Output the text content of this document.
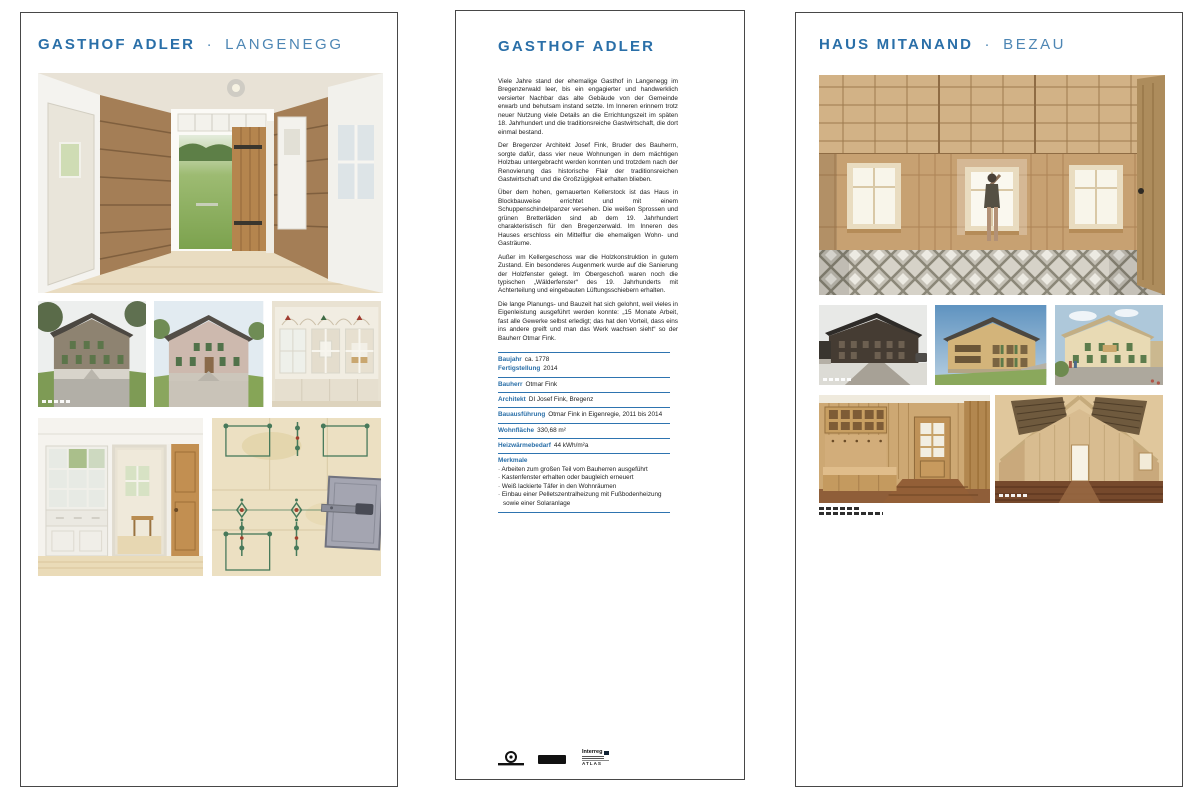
GASTHOF ADLER · LANGENEGG	GASTHOF ADLER

Viele Jahre stand der ehemalige Gasthof in Langenegg im Bregenzerwald leer, bis ein engagierter und handwerklich versierter Nachbar das alte Gebäude von der Gemeinde erwarb und behutsam instand setzte. Im Inneren erinnern trotz neuer Nutzung viele Details an die Errichtungszeit im späten 18. Jahrhundert und die traditionsreiche Gastwirtschaft, die dort einmal bestand.

Der Bregenzer Architekt Josef Fink, Bruder des Bauherrn, sorgte dafür, dass vier neue Wohnungen in dem mächtigen Holzbau untergebracht werden konnten und trotzdem nach der Renovierung das historische Flair der traditionsreichen Gastwirtschaft und die Großzügigkeit erhalten blieben.

Über dem hohen, gemauerten Kellerstock ist das Haus in Blockbauweise errichtet und mit einem Schuppenschindelpanzer versehen. Die weißen Sprossen und grünen Bretterläden sind ab dem 19. Jahrhundert charakteristisch für den Bregenzerwald. Im Inneren des Hauses erschloss ein Mittelflur die ehemaligen Wohn- und Gasträume.

Außer im Kellergeschoss war die Holzkonstruktion in gutem Zustand. Ein besonderes Augenmerk wurde auf die Sanierung der Holzfenster gelegt. Im Obergeschoß waren noch die typischen „Wälderfenster“ des 19. Jahrhunderts mit Achterteilung und eingebauten Lüftungsschiebern erhalten.

Die lange Planungs- und Bauzeit hat sich gelohnt, weil vieles in Eigenleistung ausgeführt werden konnte: „15 Monate Arbeit, fast alle Gewerke selbst erledigt; das hat den Vorteil, dass eins ins andere greift und man das Werk wachsen sieht“ so der Bauherr Otmar Fink.

Baujahr ca. 1778
Fertigstellung 2014
Bauherr Otmar Fink
Architekt DI Josef Fink, Bregenz
Bauausführung Otmar Fink in Eigenregie, 2011 bis 2014
Wohnfläche 330,68 m²
Heizwärmebedarf 44 kWh/m²a
Merkmale
· Arbeiten zum großen Teil vom Bauherren ausgeführt
· Kastenfenster erhalten oder baugleich erneuert
· Weiß lackierte Täfer in den Wohnräumen
· Einbau einer Pelletszentralheizung mit Fußbodenheizung sowie einer Solaranlage
Interreg
ATLAS
HAUS MITANAND · BEZAU
